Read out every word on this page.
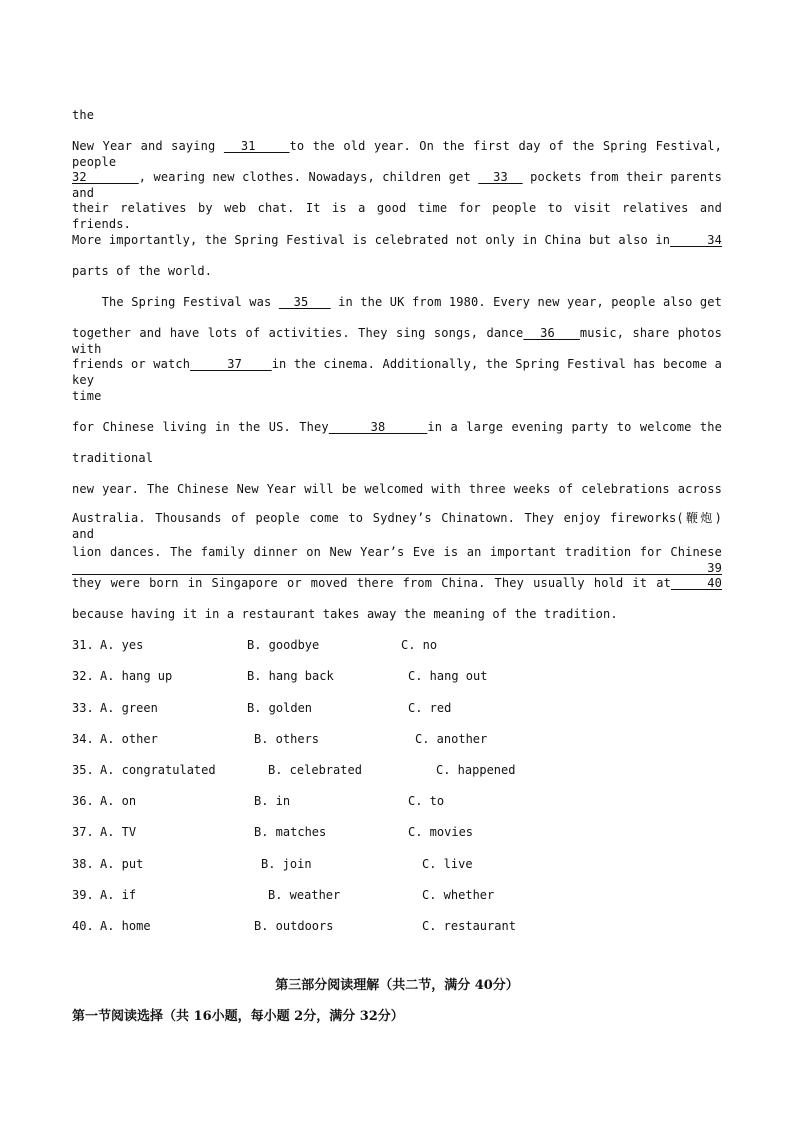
the
New Year and saying   31    to the old year. On the first day of the Spring Festival, people
32       , wearing new clothes. Nowadays, children get   33   pockets from their parents and
their relatives by web chat. It is a good time for people to visit relatives and friends.
More importantly, the Spring Festival is celebrated not only in China but also in     34
parts of the world.
The Spring Festival was   35    in the UK from 1980. Every new year, people also get
together and have lots of activities. They sing songs, dance  36   music, share photos with
friends or watch     37    in the cinema. Additionally, the Spring Festival has become a key
time
for Chinese living in the US. They     38     in a large evening party to welcome the
traditional
new year. The Chinese New Year will be welcomed with three weeks of celebrations across
Australia. Thousands of people come to Sydney’s Chinatown. They enjoy fireworks(鞭炮) and
lion dances. The family dinner on New Year’s Eve is an important tradition for Chinese   39
they were born in Singapore or moved there from China. They usually hold it at    40
because having it in a restaurant takes away the meaning of the tradition.
31. A. yes	B. goodbye	C. no
32. A. hang up	B. hang back	C. hang out
33. A. green	B. golden	C. red
34. A. other	B. others	C. another
35. A. congratulated	B. celebrated	C. happened
36. A. on	B. in	C. to
37. A. TV	B. matches	C. movies
38. A. put	B. join	C. live
39. A. if	B. weather	C. whether
40. A. home	B. outdoors	C. restaurant
第三部分阅读理解（共二节，满分 40分）
第一节阅读选择（共 16小题，每小题 2分，满分 32分）
